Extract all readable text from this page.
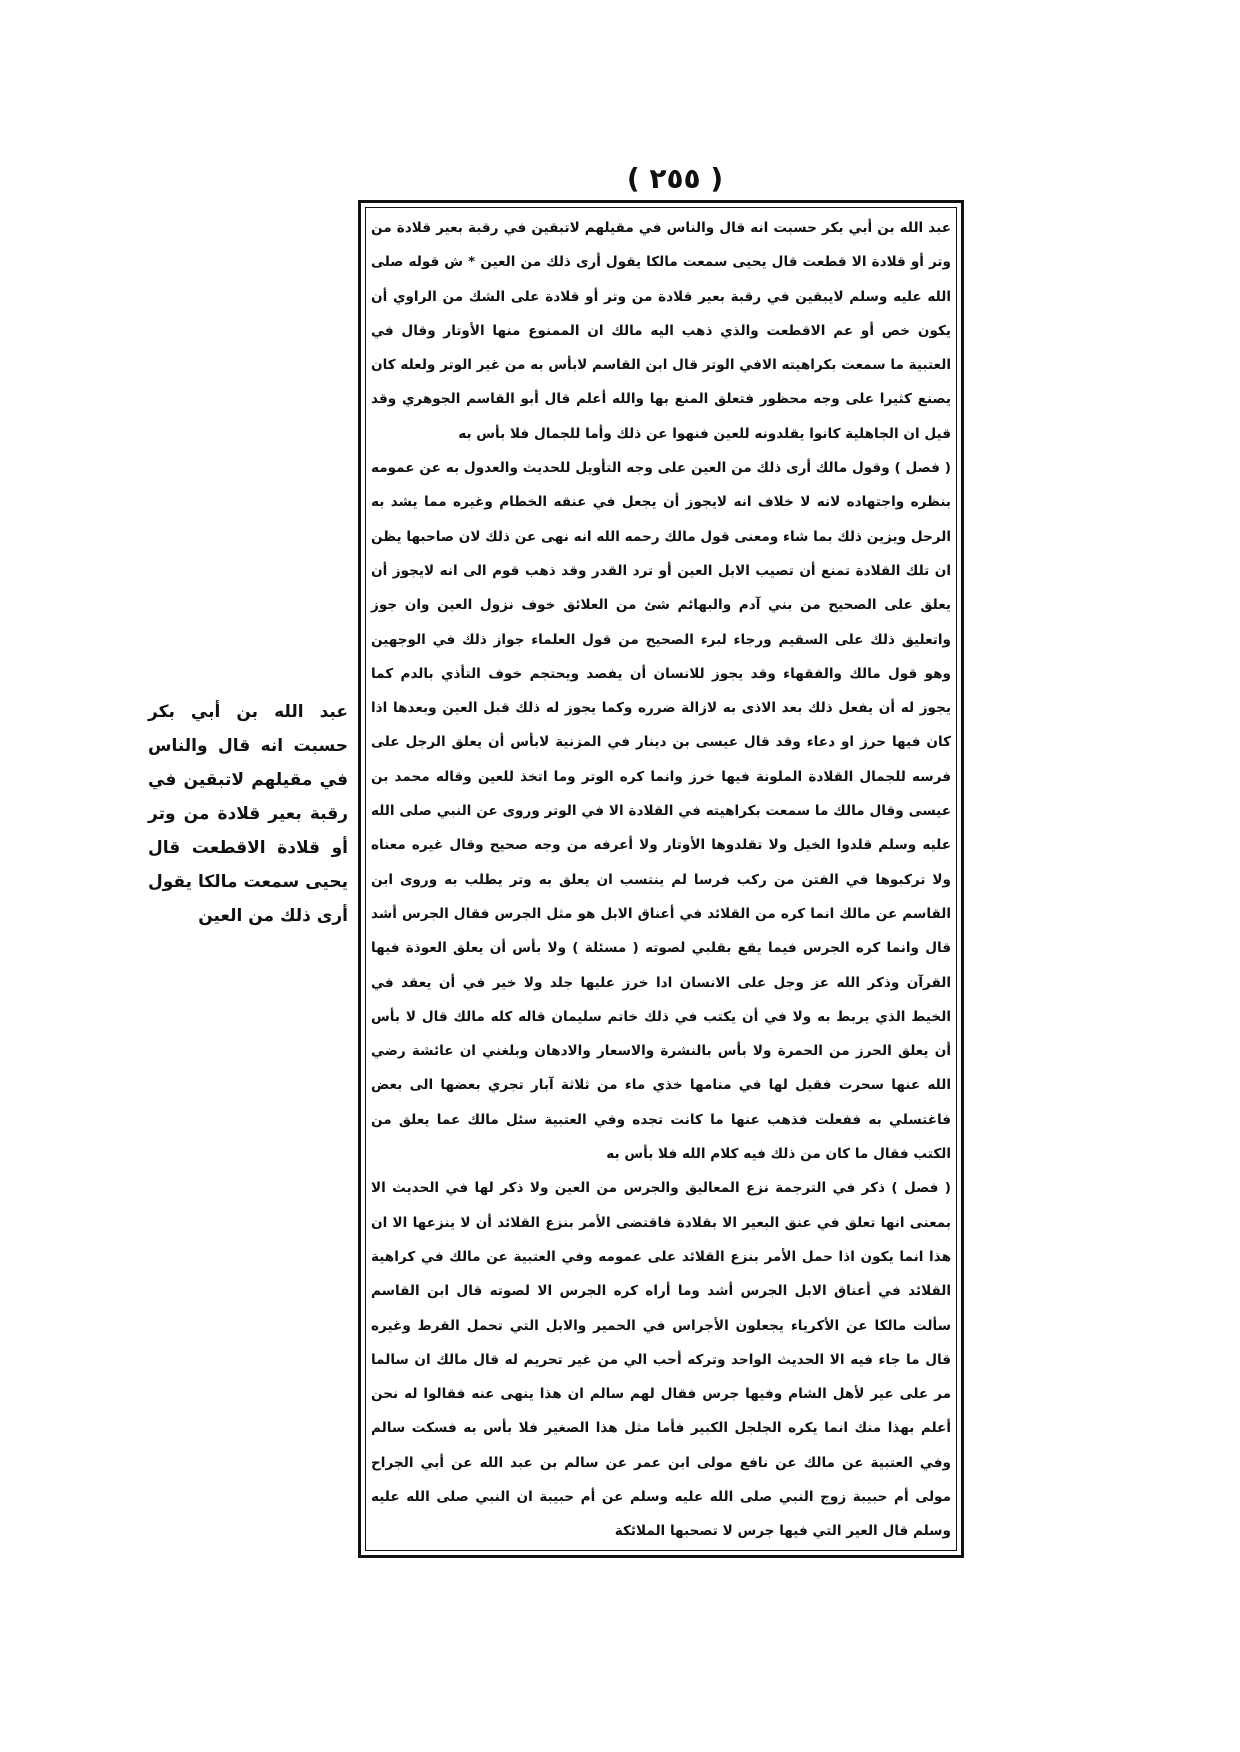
( ٢٥٥ )

عبد الله بن أبي بكر حسبت انه قال والناس في مقيلهم لاتبقين في رقبة بعير قلادة من وتر أو قلادة الا قطعت قال يحيى سمعت مالكا يقول أرى ذلك من العين * ش قوله صلى الله عليه وسلم لايبقين في رقبة بعير قلادة من وتر أو قلادة على الشك من الراوي أن يكون خص أو عم الاقطعت والذي ذهب اليه مالك ان الممنوع منها الأوتار وقال في العتبية ما سمعت بكراهيته الافي الوتر قال ابن القاسم لابأس به من غير الوتر ولعله كان يصنع كثيرا على وجه محظور فتعلق المنع بها والله أعلم قال أبو القاسم الجوهري وقد قيل ان الجاهلية كانوا يقلدونه للعين فنهوا عن ذلك وأما للجمال فلا بأس به

( فصل ) وقول مالك أرى ذلك من العين على وجه التأويل للحديث والعدول به عن عمومه بنظره واجتهاده لانه لا خلاف انه لايجوز أن يجعل في عنقه الخطام وغيره مما يشد به الرحل ويزين ذلك بما شاء ومعنى قول مالك رحمه الله انه نهى عن ذلك لان صاحبها يظن ان تلك القلادة تمنع أن تصيب الابل العين أو ترد القدر وقد ذهب قوم الى انه لايجوز أن يعلق على الصحيح من بني آدم والبهائم شئ من العلائق خوف نزول العين وان جوز واتعليق ذلك على السقيم ورجاء لبرء الصحيح من قول العلماء جواز ذلك في الوجهين وهو قول مالك والفقهاء وقد يجوز للانسان أن يفصد ويحتجم خوف التأذي بالدم كما يجوز له أن يفعل ذلك بعد الاذى به لازالة ضرره وكما يجوز له ذلك قبل العين وبعدها اذا كان فيها حرز او دعاء وقد قال عيسى بن دينار في المزنية لابأس أن يعلق الرجل على فرسه للجمال القلادة الملونة فيها خرز وانما كره الوتر وما اتخذ للعين وقاله محمد بن عيسى وقال مالك ما سمعت بكراهيته في القلادة الا في الوتر وروى عن النبي صلى الله عليه وسلم قلدوا الخيل ولا تقلدوها الأوتار ولا أعرفه من وجه صحيح وقال غيره معناه ولا تركبوها في الفتن من ركب فرسا لم ينتسب ان يعلق به وتر يطلب به وروى ابن القاسم عن مالك انما كره من القلائد في أعناق الابل هو مثل الجرس فقال الجرس أشد قال وانما كره الجرس فيما يقع بقلبي لصوته ( مسئلة ) ولا بأس أن يعلق العوذة فيها القرآن وذكر الله عز وجل على الانسان ادا خرز عليها جلد ولا خير في أن يعقد في الخيط الذي يربط به ولا في أن يكتب في ذلك خاتم سليمان قاله كله مالك قال لا بأس أن يعلق الحرز من الحمرة ولا بأس بالنشرة والاسعار والادهان وبلغني ان عائشة رضي الله عنها سحرت فقيل لها في منامها خذي ماء من ثلاثة آبار تجري بعضها الى بعض فاغتسلي به ففعلت فذهب عنها ما كانت تجده وفي العتبية سئل مالك عما يعلق من الكتب فقال ما كان من ذلك فيه كلام الله فلا بأس به

( فصل ) ذكر في الترجمة نزع المعاليق والجرس من العين ولا ذكر لها في الحديث الا بمعنى انها تعلق في عنق البعير الا بقلادة فاقتضى الأمر بنزع القلائد أن لا ينزعها الا ان هذا انما يكون اذا حمل الأمر بنزع القلائد على عمومه وفي العتبية عن مالك في كراهية القلائد في أعناق الابل الجرس أشد وما أراه كره الجرس الا لصوته قال ابن القاسم سألت مالكا عن الأكرياء يجعلون الأجراس في الحمير والابل التي تحمل القرط وغيره قال ما جاء فيه الا الحديث الواحد وتركه أحب الي من غير تحريم له قال مالك ان سالما مر على عير لأهل الشام وفيها جرس فقال لهم سالم ان هذا ينهى عنه فقالوا له نحن أعلم بهذا منك انما يكره الجلجل الكبير فأما مثل هذا الصغير فلا بأس به فسكت سالم وفي العتبية عن مالك عن نافع مولى ابن عمر عن سالم بن عبد الله عن أبي الجراح مولى أم حبيبة زوج النبي صلى الله عليه وسلم عن أم حبيبة ان النبي صلى الله عليه وسلم قال العير التي فيها جرس لا تصحبها الملائكة

عبد الله بن أبي بكر حسبت انه قال والناس في مقيلهم لاتبقين في رقبة بعير قلادة من وتر أو قلادة الاقطعت قال يحيى سمعت مالكا يقول أرى ذلك من العين
